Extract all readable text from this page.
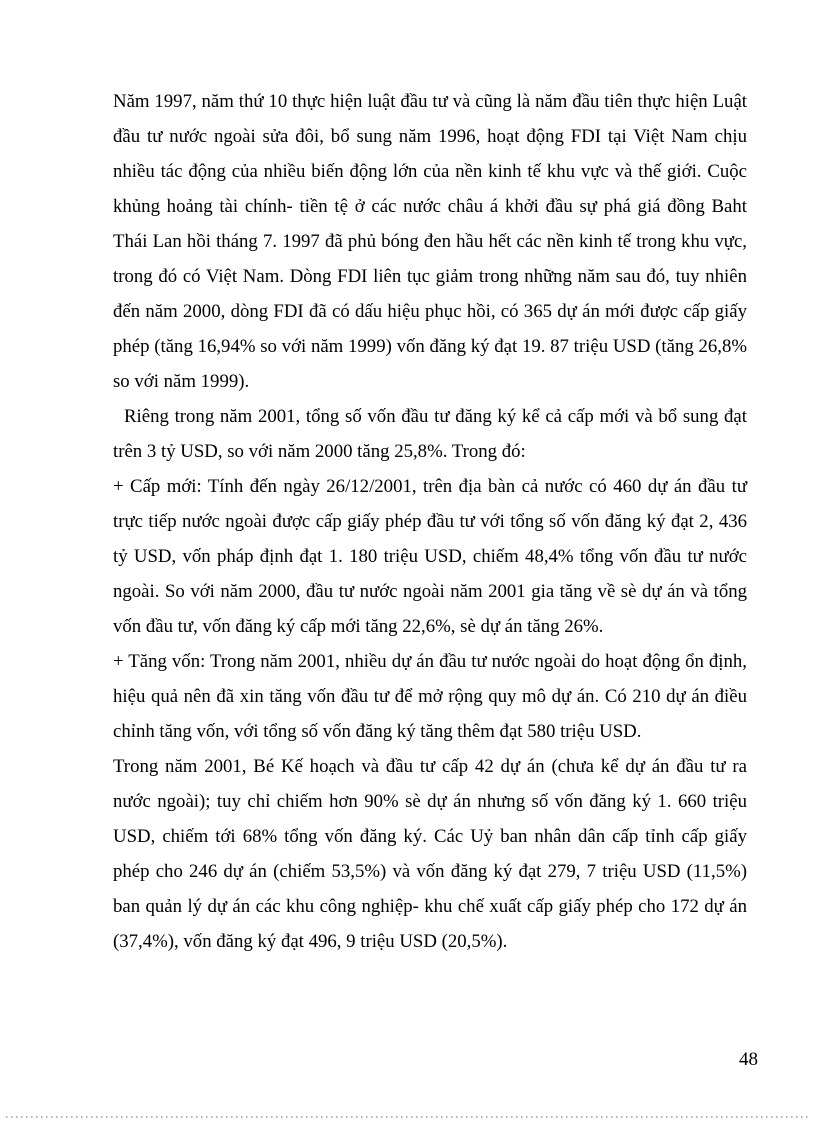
Năm 1997, năm thứ 10 thực hiện luật đầu tư và cũng là năm đầu tiên thực hiện Luật đầu tư nước ngoài sửa đôi, bổ sung năm 1996, hoạt động FDI tại Việt Nam chịu nhiều tác động của nhiều biến động lớn của nền kinh tế khu vực và thế giới. Cuộc khủng hoảng tài chính- tiền tệ ở các nước châu á khởi đầu sự phá giá đồng Baht Thái Lan hồi tháng 7. 1997 đã phủ bóng đen hầu hết các nền kinh tế trong khu vực, trong đó có Việt Nam. Dòng FDI liên tục giảm trong những năm sau đó, tuy nhiên đến năm 2000, dòng FDI đã có dấu hiệu phục hồi, có 365 dự án mới được cấp giấy phép (tăng 16,94% so với năm 1999) vốn đăng ký đạt 19. 87 triệu USD (tăng 26,8% so với năm 1999).

Riêng trong năm 2001, tổng số vốn đầu tư đăng ký kể cả cấp mới và bổ sung đạt trên 3 tỷ USD, so với năm 2000 tăng 25,8%. Trong đó:

+ Cấp mới: Tính đến ngày 26/12/2001, trên địa bàn cả nước có 460 dự án đầu tư trực tiếp nước ngoài được cấp giấy phép đầu tư với tổng số vốn đăng ký đạt 2, 436 tỷ USD, vốn pháp định đạt 1. 180 triệu USD, chiếm 48,4% tổng vốn đầu tư nước ngoài. So với năm 2000, đầu tư nước ngoài năm 2001 gia tăng về sè dự án và tổng vốn đầu tư, vốn đăng ký cấp mới tăng 22,6%, sè dự án tăng 26%.

+ Tăng vốn: Trong năm 2001, nhiều dự án đầu tư nước ngoài do hoạt động ổn định, hiệu quả nên đã xin tăng vốn đầu tư để mở rộng quy mô dự án. Có 210 dự án điều chỉnh tăng vốn, với tổng số vốn đăng ký tăng thêm đạt 580 triệu USD.

Trong năm 2001, Bé Kế hoạch và đầu tư cấp 42 dự án (chưa kể dự án đầu tư ra nước ngoài); tuy chỉ chiếm hơn 90% sè dự án nhưng số vốn đăng ký 1. 660 triệu USD, chiếm tới 68% tổng vốn đăng ký. Các Uỷ ban nhân dân cấp tỉnh cấp giấy phép cho 246 dự án (chiếm 53,5%) và vốn đăng ký đạt 279, 7 triệu USD (11,5%) ban quản lý dự án các khu công nghiệp- khu chế xuất cấp giấy phép cho 172 dự án (37,4%), vốn đăng ký đạt 496, 9 triệu USD (20,5%).

48
